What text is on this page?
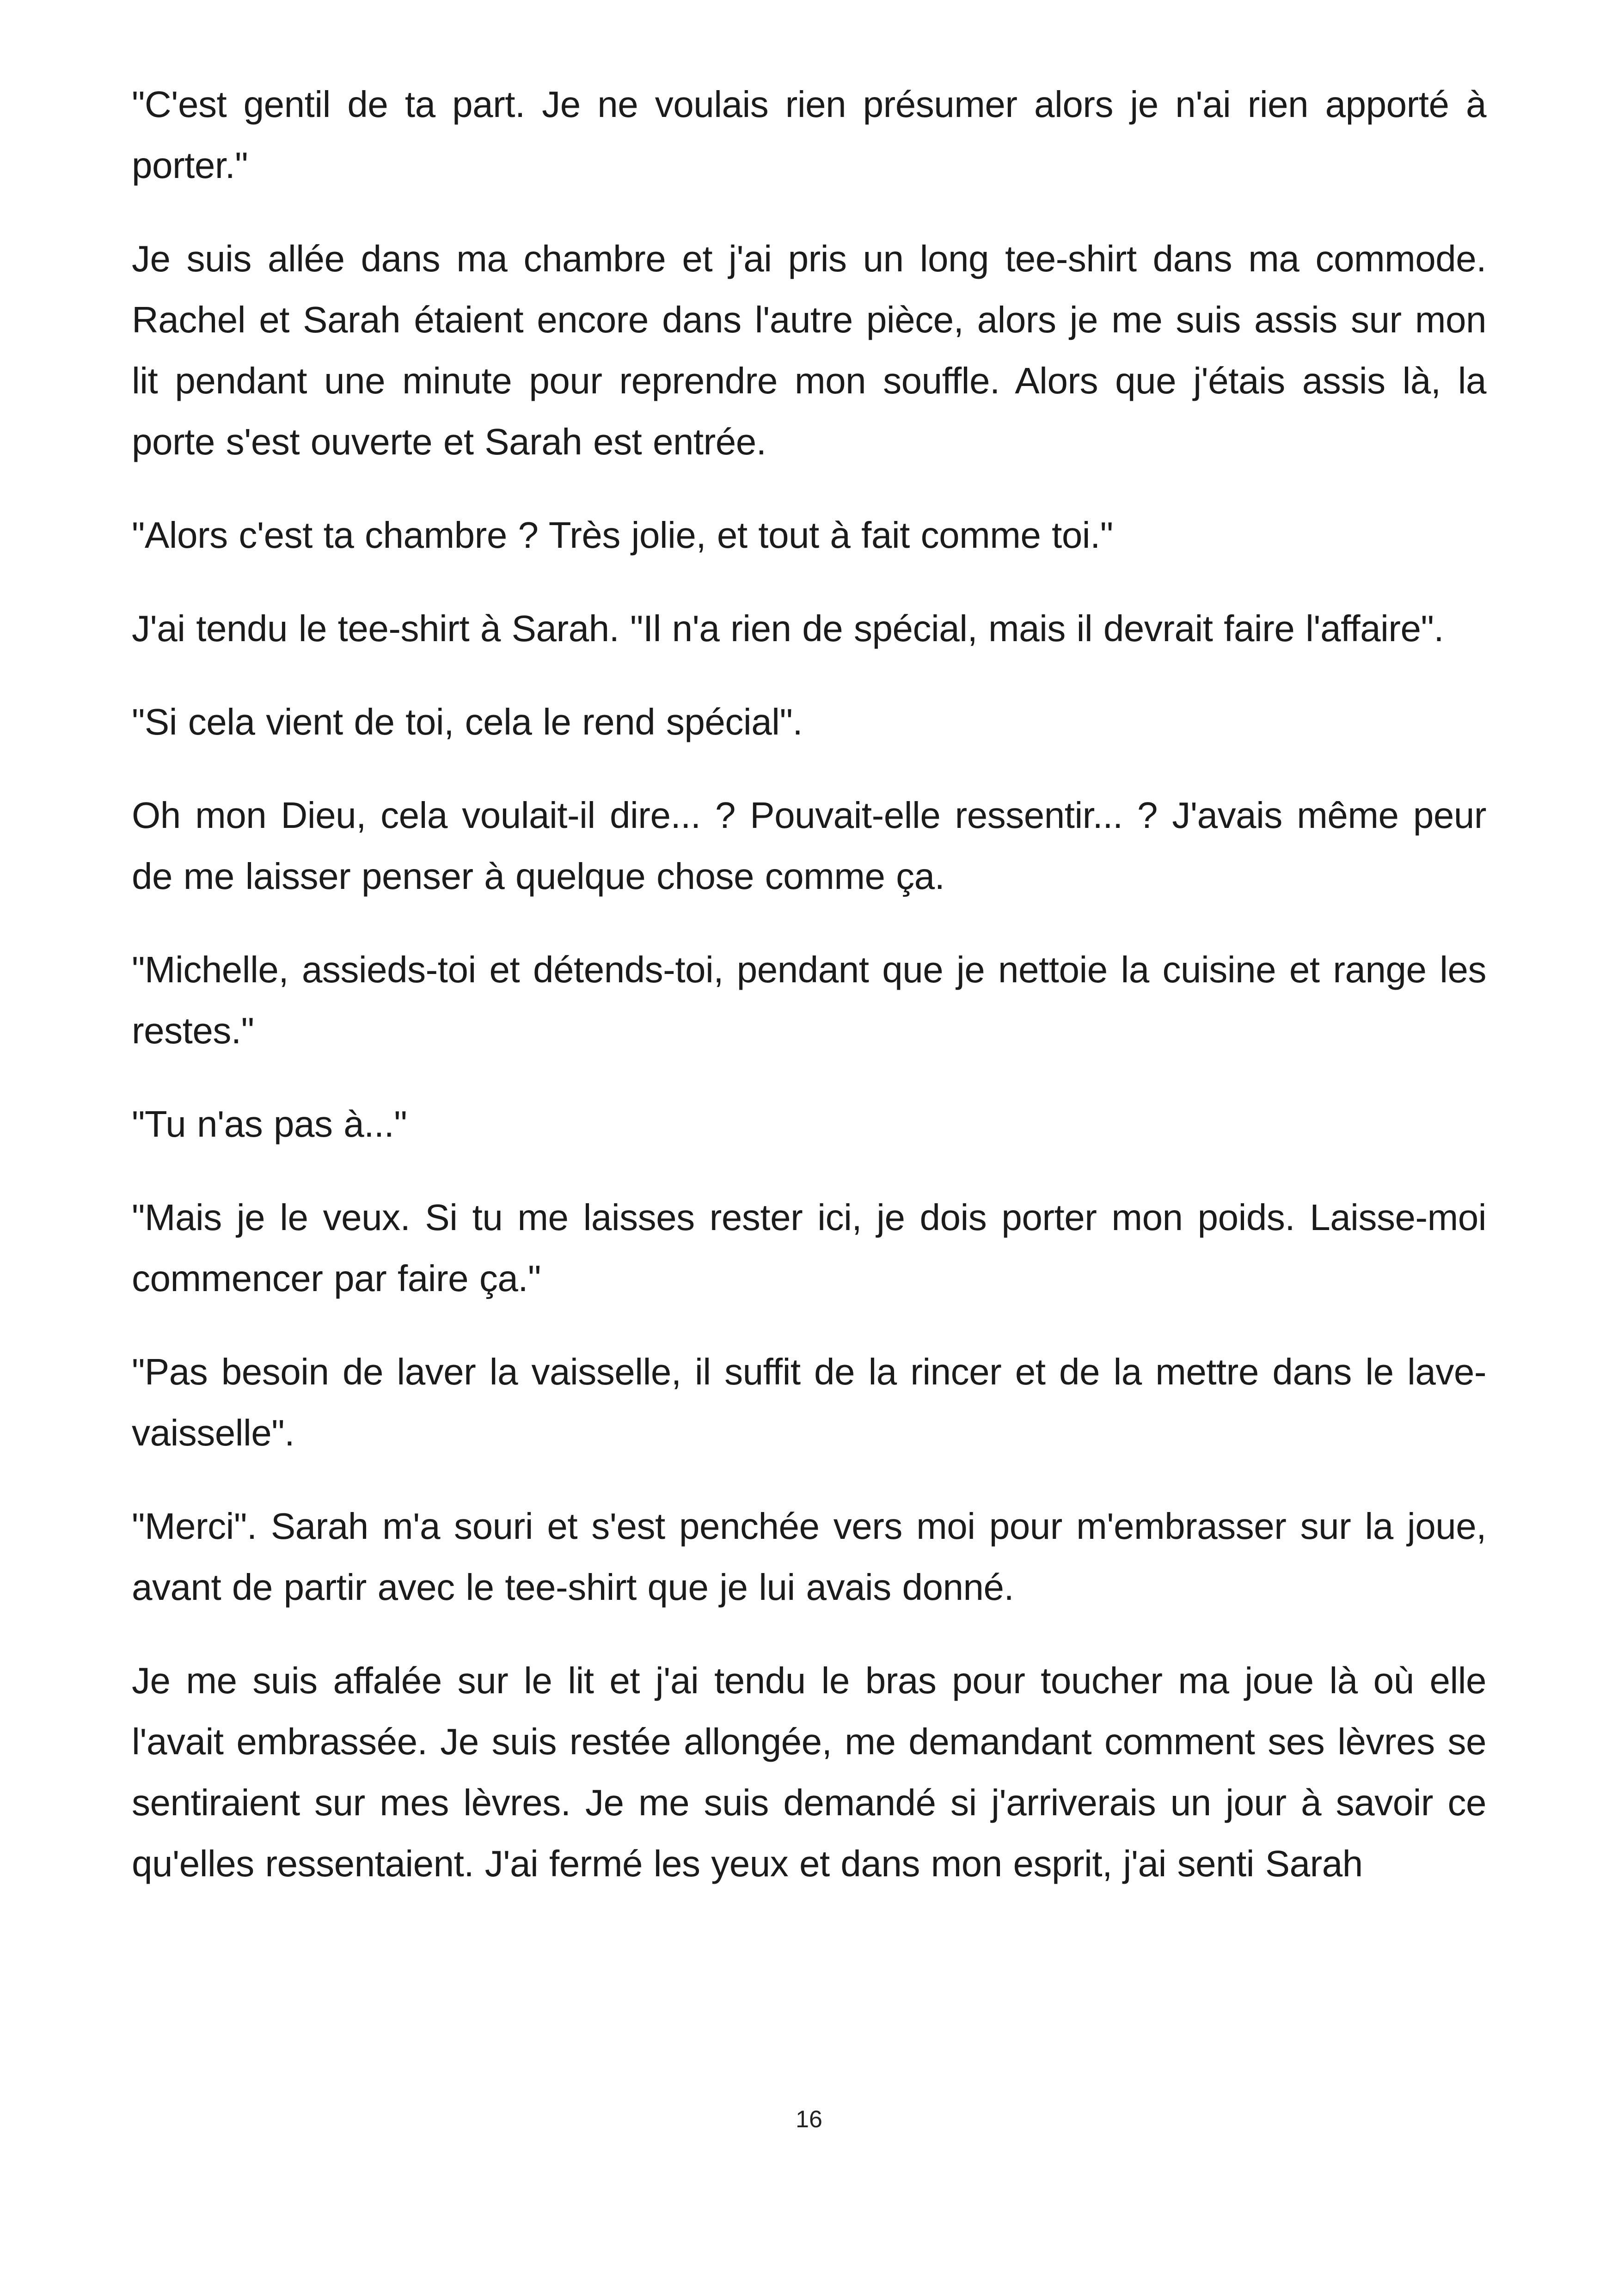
"C'est gentil de ta part. Je ne voulais rien présumer alors je n'ai rien apporté à porter."

Je suis allée dans ma chambre et j'ai pris un long tee-shirt dans ma commode. Rachel et Sarah étaient encore dans l'autre pièce, alors je me suis assis sur mon lit pendant une minute pour reprendre mon souffle. Alors que j'étais assis là, la porte s'est ouverte et Sarah est entrée.

"Alors c'est ta chambre ? Très jolie, et tout à fait comme toi."

J'ai tendu le tee-shirt à Sarah. "Il n'a rien de spécial, mais il devrait faire l'affaire".

"Si cela vient de toi, cela le rend spécial".

Oh mon Dieu, cela voulait-il dire... ? Pouvait-elle ressentir... ? J'avais même peur de me laisser penser à quelque chose comme ça.

"Michelle, assieds-toi et détends-toi, pendant que je nettoie la cuisine et range les restes."

"Tu n'as pas à..."

"Mais je le veux. Si tu me laisses rester ici, je dois porter mon poids. Laisse-moi commencer par faire ça."

"Pas besoin de laver la vaisselle, il suffit de la rincer et de la mettre dans le lave-vaisselle".

"Merci". Sarah m'a souri et s'est penchée vers moi pour m'embrasser sur la joue, avant de partir avec le tee-shirt que je lui avais donné.

Je me suis affalée sur le lit et j'ai tendu le bras pour toucher ma joue là où elle l'avait embrassée. Je suis restée allongée, me demandant comment ses lèvres se sentiraient sur mes lèvres. Je me suis demandé si j'arriverais un jour à savoir ce qu'elles ressentaient. J'ai fermé les yeux et dans mon esprit, j'ai senti Sarah

16
